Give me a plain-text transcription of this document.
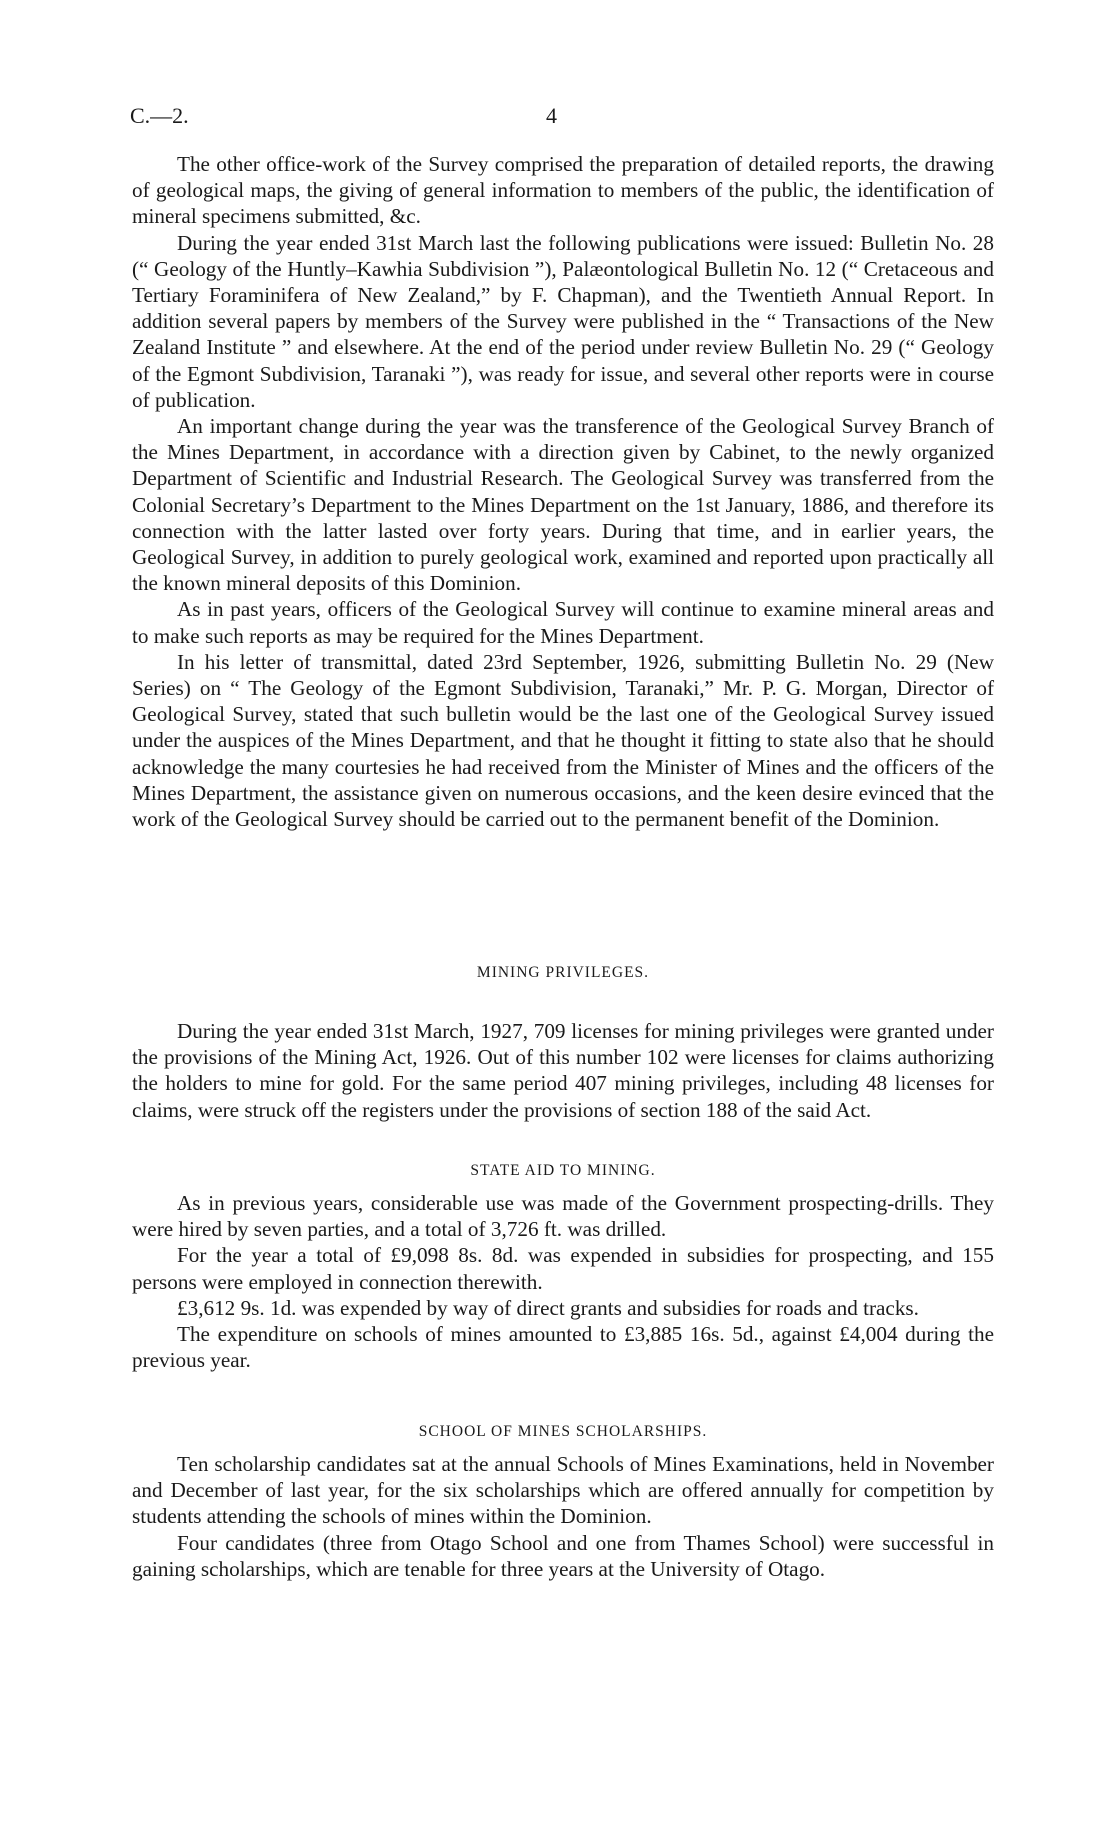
C.—2.	4

The other office-work of the Survey comprised the preparation of detailed reports, the drawing of geological maps, the giving of general information to members of the public, the identification of mineral specimens submitted, &c.

During the year ended 31st March last the following publications were issued: Bulletin No. 28 (“ Geology of the Huntly–Kawhia Subdivision ”), Palæontological Bulletin No. 12 (“ Cretaceous and Tertiary Foraminifera of New Zealand,” by F. Chapman), and the Twentieth Annual Report. In addition several papers by members of the Survey were published in the “ Transactions of the New Zealand Institute ” and elsewhere. At the end of the period under review Bulletin No. 29 (“ Geology of the Egmont Subdivision, Taranaki ”), was ready for issue, and several other reports were in course of publication.

An important change during the year was the transference of the Geological Survey Branch of the Mines Department, in accordance with a direction given by Cabinet, to the newly organized Department of Scientific and Industrial Research. The Geological Survey was transferred from the Colonial Secretary’s Department to the Mines Department on the 1st January, 1886, and therefore its connection with the latter lasted over forty years. During that time, and in earlier years, the Geological Survey, in addition to purely geological work, examined and reported upon practically all the known mineral deposits of this Dominion.

As in past years, officers of the Geological Survey will continue to examine mineral areas and to make such reports as may be required for the Mines Department.

In his letter of transmittal, dated 23rd September, 1926, submitting Bulletin No. 29 (New Series) on “ The Geology of the Egmont Subdivision, Taranaki,” Mr. P. G. Morgan, Director of Geological Survey, stated that such bulletin would be the last one of the Geological Survey issued under the auspices of the Mines Department, and that he thought it fitting to state also that he should acknowledge the many courtesies he had received from the Minister of Mines and the officers of the Mines Department, the assistance given on numerous occasions, and the keen desire evinced that the work of the Geological Survey should be carried out to the permanent benefit of the Dominion.

MINING PRIVILEGES.

During the year ended 31st March, 1927, 709 licenses for mining privileges were granted under the provisions of the Mining Act, 1926. Out of this number 102 were licenses for claims authorizing the holders to mine for gold. For the same period 407 mining privileges, including 48 licenses for claims, were struck off the registers under the provisions of section 188 of the said Act.

STATE AID TO MINING.

As in previous years, considerable use was made of the Government prospecting-drills. They were hired by seven parties, and a total of 3,726 ft. was drilled.

For the year a total of £9,098 8s. 8d. was expended in subsidies for prospecting, and 155 persons were employed in connection therewith.

£3,612 9s. 1d. was expended by way of direct grants and subsidies for roads and tracks.

The expenditure on schools of mines amounted to £3,885 16s. 5d., against £4,004 during the previous year.

SCHOOL OF MINES SCHOLARSHIPS.

Ten scholarship candidates sat at the annual Schools of Mines Examinations, held in November and December of last year, for the six scholarships which are offered annually for competition by students attending the schools of mines within the Dominion.

Four candidates (three from Otago School and one from Thames School) were successful in gaining scholarships, which are tenable for three years at the University of Otago.
